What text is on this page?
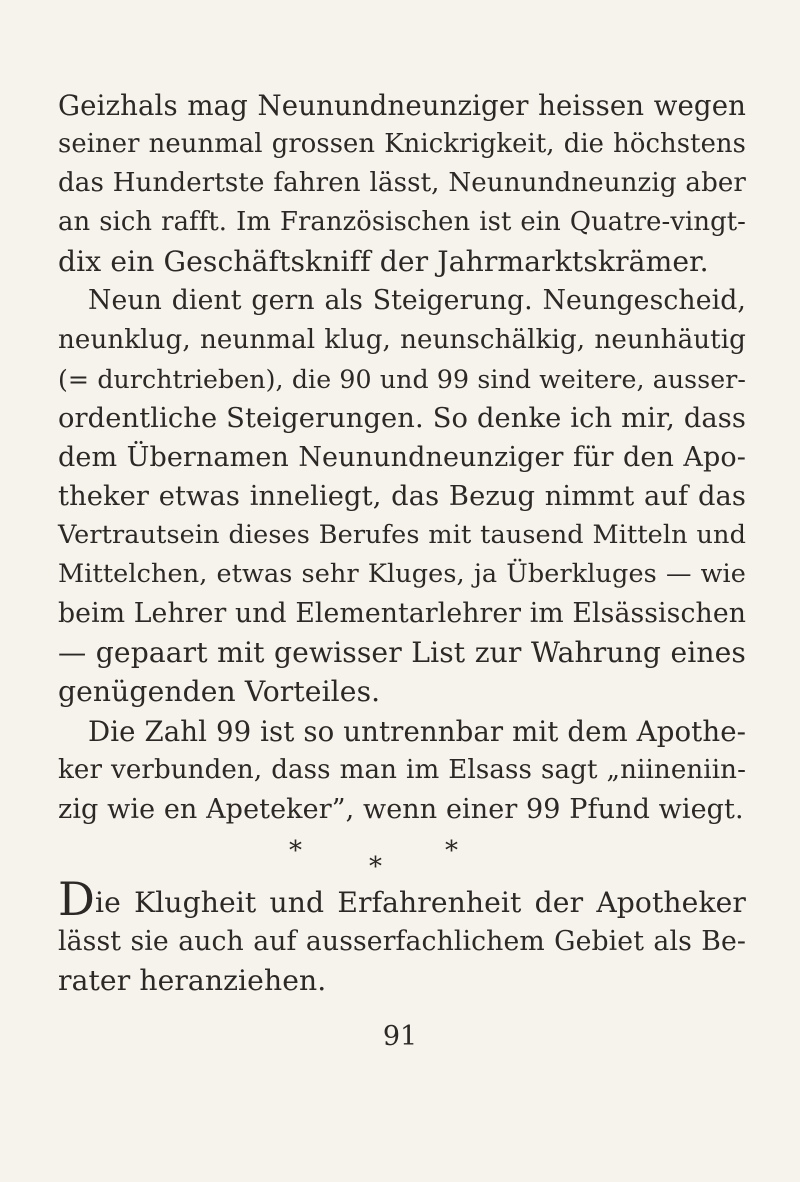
Geizhals mag Neunundneunziger heissen wegen
seiner neunmal grossen Knickrigkeit, die höchstens
das Hundertste fahren lässt, Neunundneunzig aber
an sich rafft. Im Französischen ist ein Quatre-vingt-
dix ein Geschäftskniff der Jahrmarktskrämer.
Neun dient gern als Steigerung. Neungescheid,
neunklug, neunmal klug, neunschälkig, neunhäutig
(= durchtrieben), die 90 und 99 sind weitere, ausser-
ordentliche Steigerungen. So denke ich mir, dass
dem Übernamen Neunundneunziger für den Apo-
theker etwas inneliegt, das Bezug nimmt auf das
Vertrautsein dieses Berufes mit tausend Mitteln und
Mittelchen, etwas sehr Kluges, ja Überkluges — wie
beim Lehrer und Elementarlehrer im Elsässischen
— gepaart mit gewisser List zur Wahrung eines
genügenden Vorteiles.
Die Zahl 99 ist so untrennbar mit dem Apothe-
ker verbunden, dass man im Elsass sagt „niineniin-
zig wie en Apeteker”, wenn einer 99 Pfund wiegt.
*	*
*
Die Klugheit und Erfahrenheit der Apotheker
lässt sie auch auf ausserfachlichem Gebiet als Be-
rater heranziehen.
91
